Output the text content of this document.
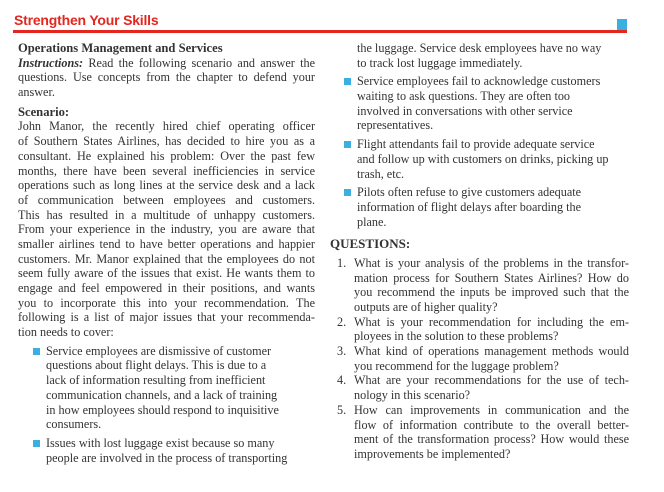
Strengthen Your Skills
Operations Management and Services
Instructions: Read the following scenario and answer the
questions. Use concepts from the chapter to defend your
answer.
Scenario:
John Manor, the recently hired chief operating officer
of Southern States Airlines, has decided to hire you as a
consultant. He explained his problem: Over the past few
months, there have been several inefficiencies in service
operations such as long lines at the service desk and a lack
of communication between employees and customers.
This has resulted in a multitude of unhappy customers.
From your experience in the industry, you are aware that
smaller airlines tend to have better operations and happier
customers. Mr. Manor explained that the employees do not
seem fully aware of the issues that exist. He wants them to
engage and feel empowered in their positions, and wants
you to incorporate this into your recommendation. The
following is a list of major issues that your recommenda-
tion needs to cover:
Service employees are dismissive of customer
questions about flight delays. This is due to a
lack of information resulting from inefficient
communication channels, and a lack of training
in how employees should respond to inquisitive
consumers.
Issues with lost luggage exist because so many
people are involved in the process of transporting
the luggage. Service desk employees have no way
to track lost luggage immediately.
Service employees fail to acknowledge customers
waiting to ask questions. They are often too
involved in conversations with other service
representatives.
Flight attendants fail to provide adequate service
and follow up with customers on drinks, picking up
trash, etc.
Pilots often refuse to give customers adequate
information of flight delays after boarding the
plane.
QUESTIONS:
1. What is your analysis of the problems in the transfor-
mation process for Southern States Airlines? How do
you recommend the inputs be improved such that the
outputs are of higher quality?
2. What is your recommendation for including the em-
ployees in the solution to these problems?
3. What kind of operations management methods would
you recommend for the luggage problem?
4. What are your recommendations for the use of tech-
nology in this scenario?
5. How can improvements in communication and the
flow of information contribute to the overall better-
ment of the transformation process? How would these
improvements be implemented?
